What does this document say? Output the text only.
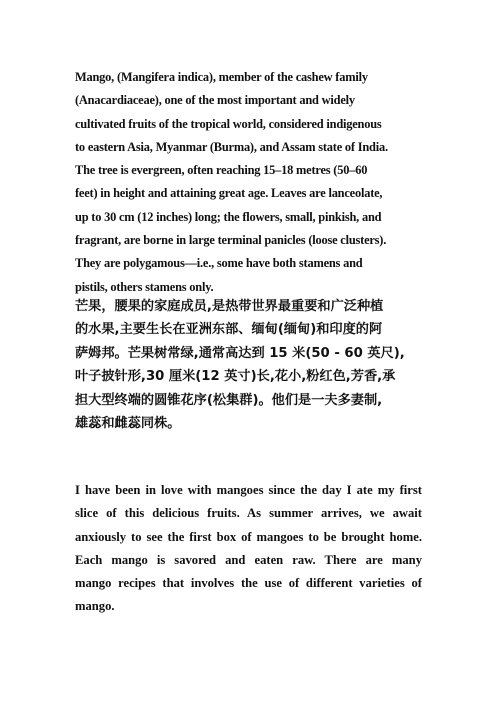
Mango, (Mangifera indica), member of the cashew family
(Anacardiaceae), one of the most important and widely
cultivated fruits of the tropical world, considered indigenous
to eastern Asia, Myanmar (Burma), and Assam state of India.
The tree is evergreen, often reaching 15–18 metres (50–60
feet) in height and attaining great age. Leaves are lanceolate,
up to 30 cm (12 inches) long; the flowers, small, pinkish, and
fragrant, are borne in large terminal panicles (loose clusters).
They are polygamous—i.e., some have both stamens and
pistils, others stamens only.
芒果，腰果的家庭成员,是热带世界最重要和广泛种植
的水果,主要生长在亚洲东部、缅甸(缅甸)和印度的阿
萨姆邦。芒果树常绿,通常高达到 15 米(50 - 60 英尺),
叶子披针形,30 厘米(12 英寸)长,花小,粉红色,芳香,承
担大型终端的圆锥花序(松集群)。他们是一夫多妻制,
雄蕊和雌蕊同株。
I have been in love with mangoes since the day I ate my first
slice of this delicious fruits. As summer arrives, we await
anxiously to see the first box of mangoes to be brought home.
Each mango is savored and eaten raw. There are many
mango recipes that involves the use of different varieties of
mango.
